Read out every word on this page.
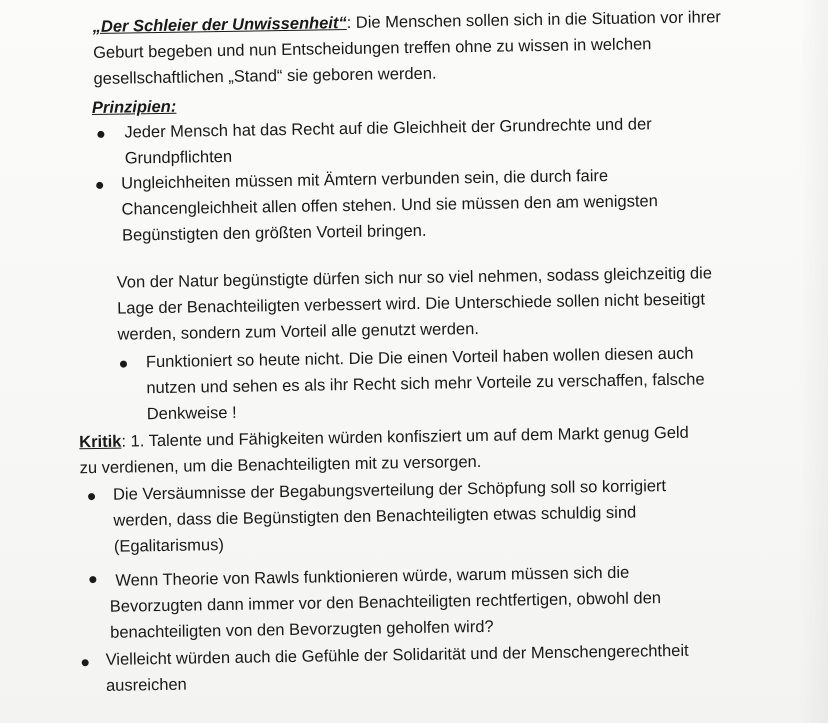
„Der Schleier der Unwissenheit“: Die Menschen sollen sich in die Situation vor ihrer
Geburt begeben und nun Entscheidungen treffen ohne zu wissen in welchen
gesellschaftlichen „Stand“ sie geboren werden.
Prinzipien:
Jeder Mensch hat das Recht auf die Gleichheit der Grundrechte und der
Grundpflichten
Ungleichheiten müssen mit Ämtern verbunden sein, die durch faire
Chancengleichheit allen offen stehen. Und sie müssen den am wenigsten
Begünstigten den größten Vorteil bringen.
Von der Natur begünstigte dürfen sich nur so viel nehmen, sodass gleichzeitig die
Lage der Benachteiligten verbessert wird. Die Unterschiede sollen nicht beseitigt
werden, sondern zum Vorteil alle genutzt werden.
Funktioniert so heute nicht. Die Die einen Vorteil haben wollen diesen auch
nutzen und sehen es als ihr Recht sich mehr Vorteile zu verschaffen, falsche
Denkweise !
Kritik: 1. Talente und Fähigkeiten würden konfisziert um auf dem Markt genug Geld
zu verdienen, um die Benachteiligten mit zu versorgen.
Die Versäumnisse der Begabungsverteilung der Schöpfung soll so korrigiert
werden, dass die Begünstigten den Benachteiligten etwas schuldig sind
(Egalitarismus)
Wenn Theorie von Rawls funktionieren würde, warum müssen sich die
Bevorzugten dann immer vor den Benachteiligten rechtfertigen, obwohl den
benachteiligten von den Bevorzugten geholfen wird?
Vielleicht würden auch die Gefühle der Solidarität und der Menschengerechtheit
ausreichen
